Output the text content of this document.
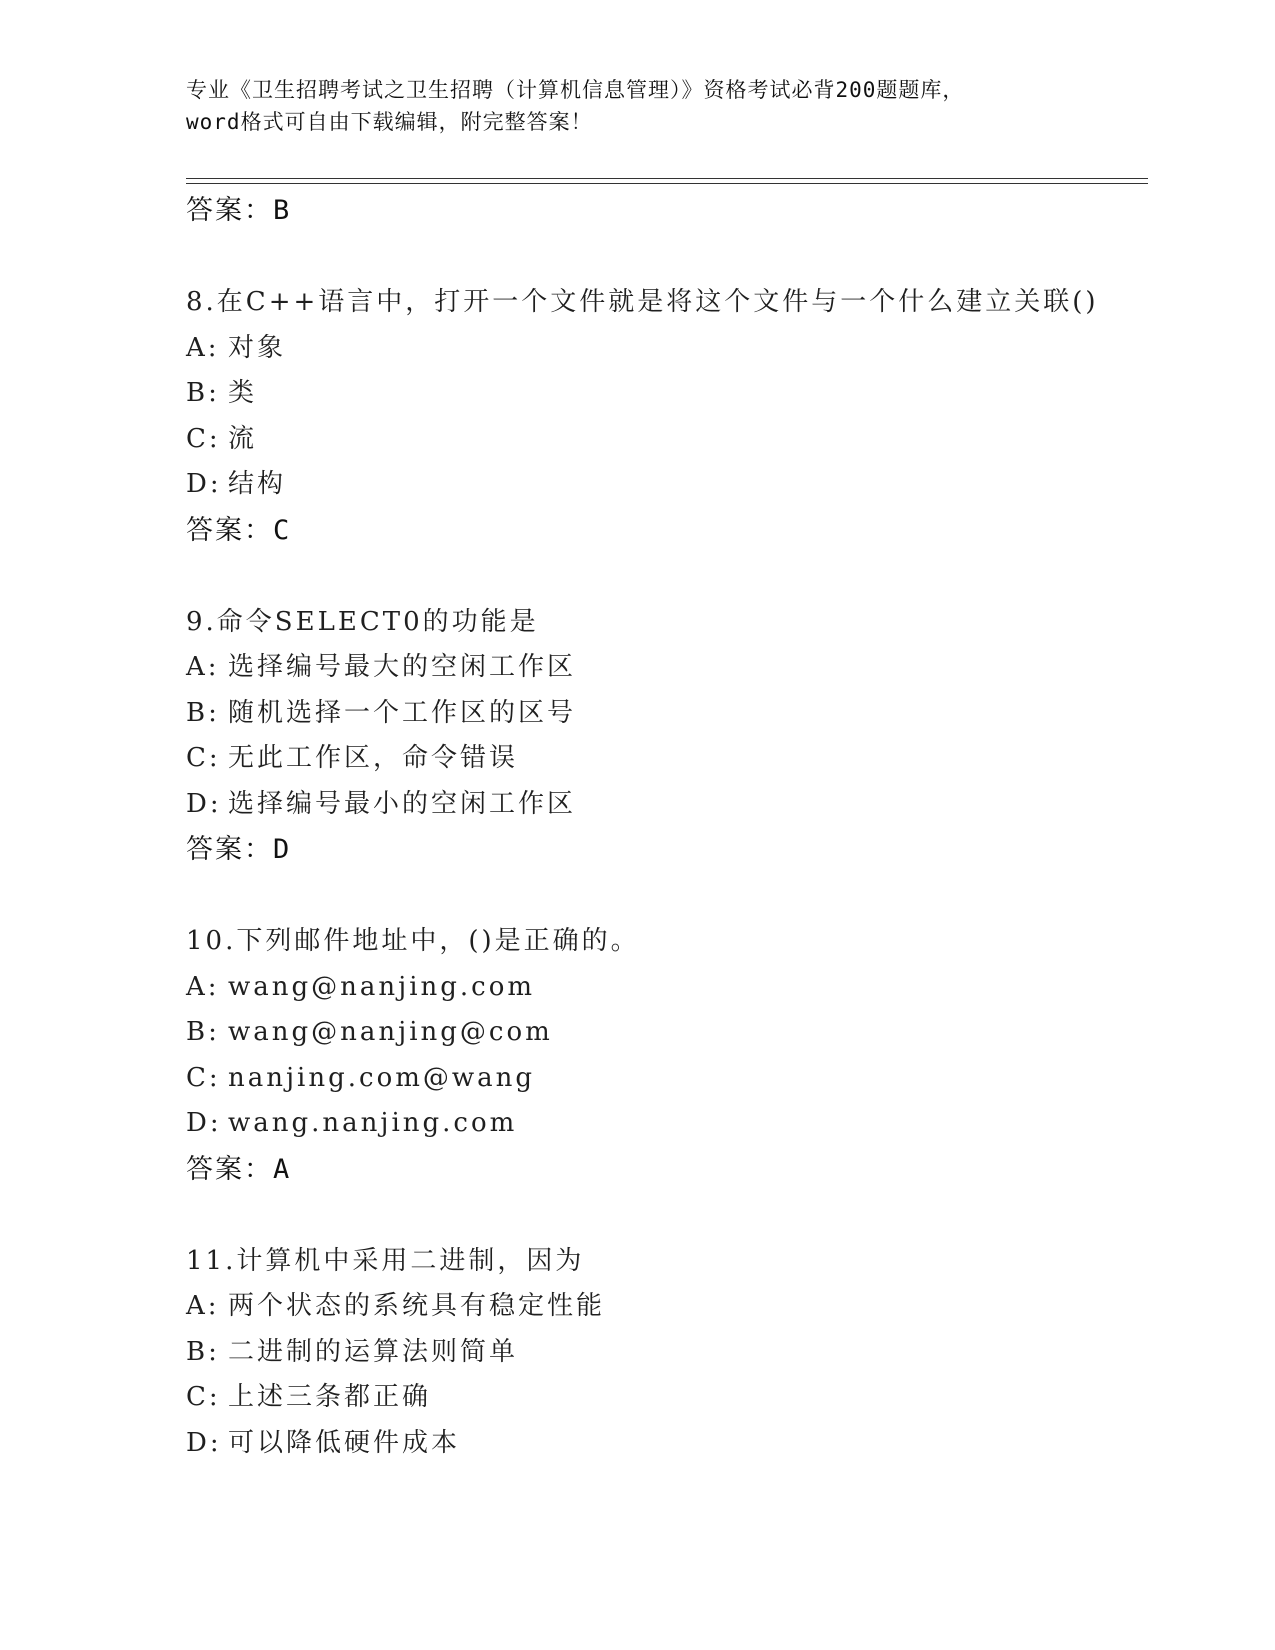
专业《卫生招聘考试之卫生招聘（计算机信息管理）》资格考试必背200题题库，
word格式可自由下载编辑，附完整答案！
答案：B
8.在C++语言中，打开一个文件就是将这个文件与一个什么建立关联()
A: 对象
B: 类
C: 流
D: 结构
答案：C
9.命令SELECT0的功能是
A: 选择编号最大的空闲工作区
B: 随机选择一个工作区的区号
C: 无此工作区，命令错误
D: 选择编号最小的空闲工作区
答案：D
10.下列邮件地址中，()是正确的。
A: wang@nanjing.com
B: wang@nanjing@com
C: nanjing.com@wang
D: wang.nanjing.com
答案：A
11.计算机中采用二进制，因为
A: 两个状态的系统具有稳定性能
B: 二进制的运算法则简单
C: 上述三条都正确
D: 可以降低硬件成本
